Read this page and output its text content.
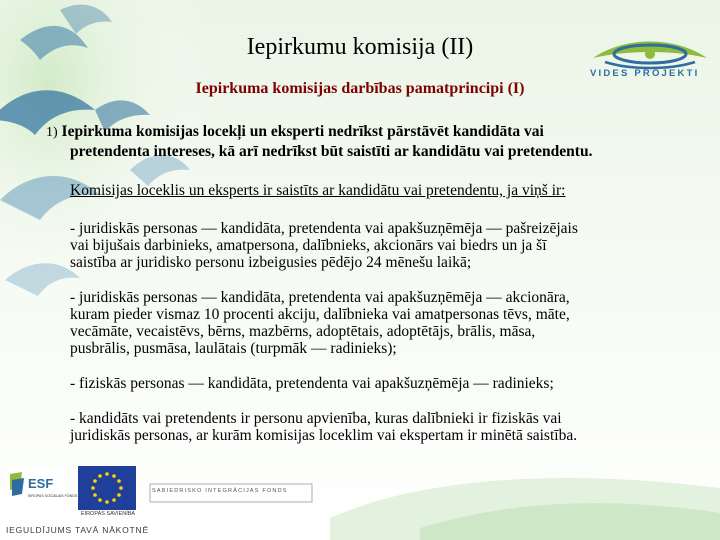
VIDES PROJEKTI
Iepirkumu komisija (II)
Iepirkuma komisijas darbības pamatprincipi (I)
1) Iepirkuma komisijas locekļi un eksperti nedrīkst pārstāvēt kandidāta vai
pretendenta intereses, kā arī nedrīkst būt saistīti ar kandidātu vai pretendentu.
Komisijas loceklis un eksperts ir saistīts ar kandidātu vai pretendentu, ja viņš ir:
- juridiskās personas — kandidāta, pretendenta vai apakšuzņēmēja — pašreizējais
vai bijušais darbinieks, amatpersona, dalībnieks, akcionārs vai biedrs un ja šī
saistība ar juridisko personu izbeigusies pēdējo 24 mēnešu laikā;
- juridiskās personas — kandidāta, pretendenta vai apakšuzņēmēja — akcionāra,
kuram pieder vismaz 10 procenti akciju, dalībnieka vai amatpersonas tēvs, māte,
vecāmāte, vecaistēvs, bērns, mazbērns, adoptētais, adoptētājs, brālis, māsa,
pusbrālis, pusmāsa, laulātais (turpmāk — radinieks);
- fiziskās personas — kandidāta, pretendenta vai apakšuzņēmēja — radinieks;
- kandidāts vai pretendents ir personu apvienība, kuras dalībnieki ir fiziskās vai
juridiskās personas, ar kurām komisijas loceklim vai ekspertam ir minētā saistība.
ESF
EIROPAS SOCIĀLAIS FONDS
EIROPAS SAVIENĪBA
SABIEDRISKO INTEGRĀCIJAS FONDS
IEGULDĪJUMS TAVĀ NĀKOTNĒ
